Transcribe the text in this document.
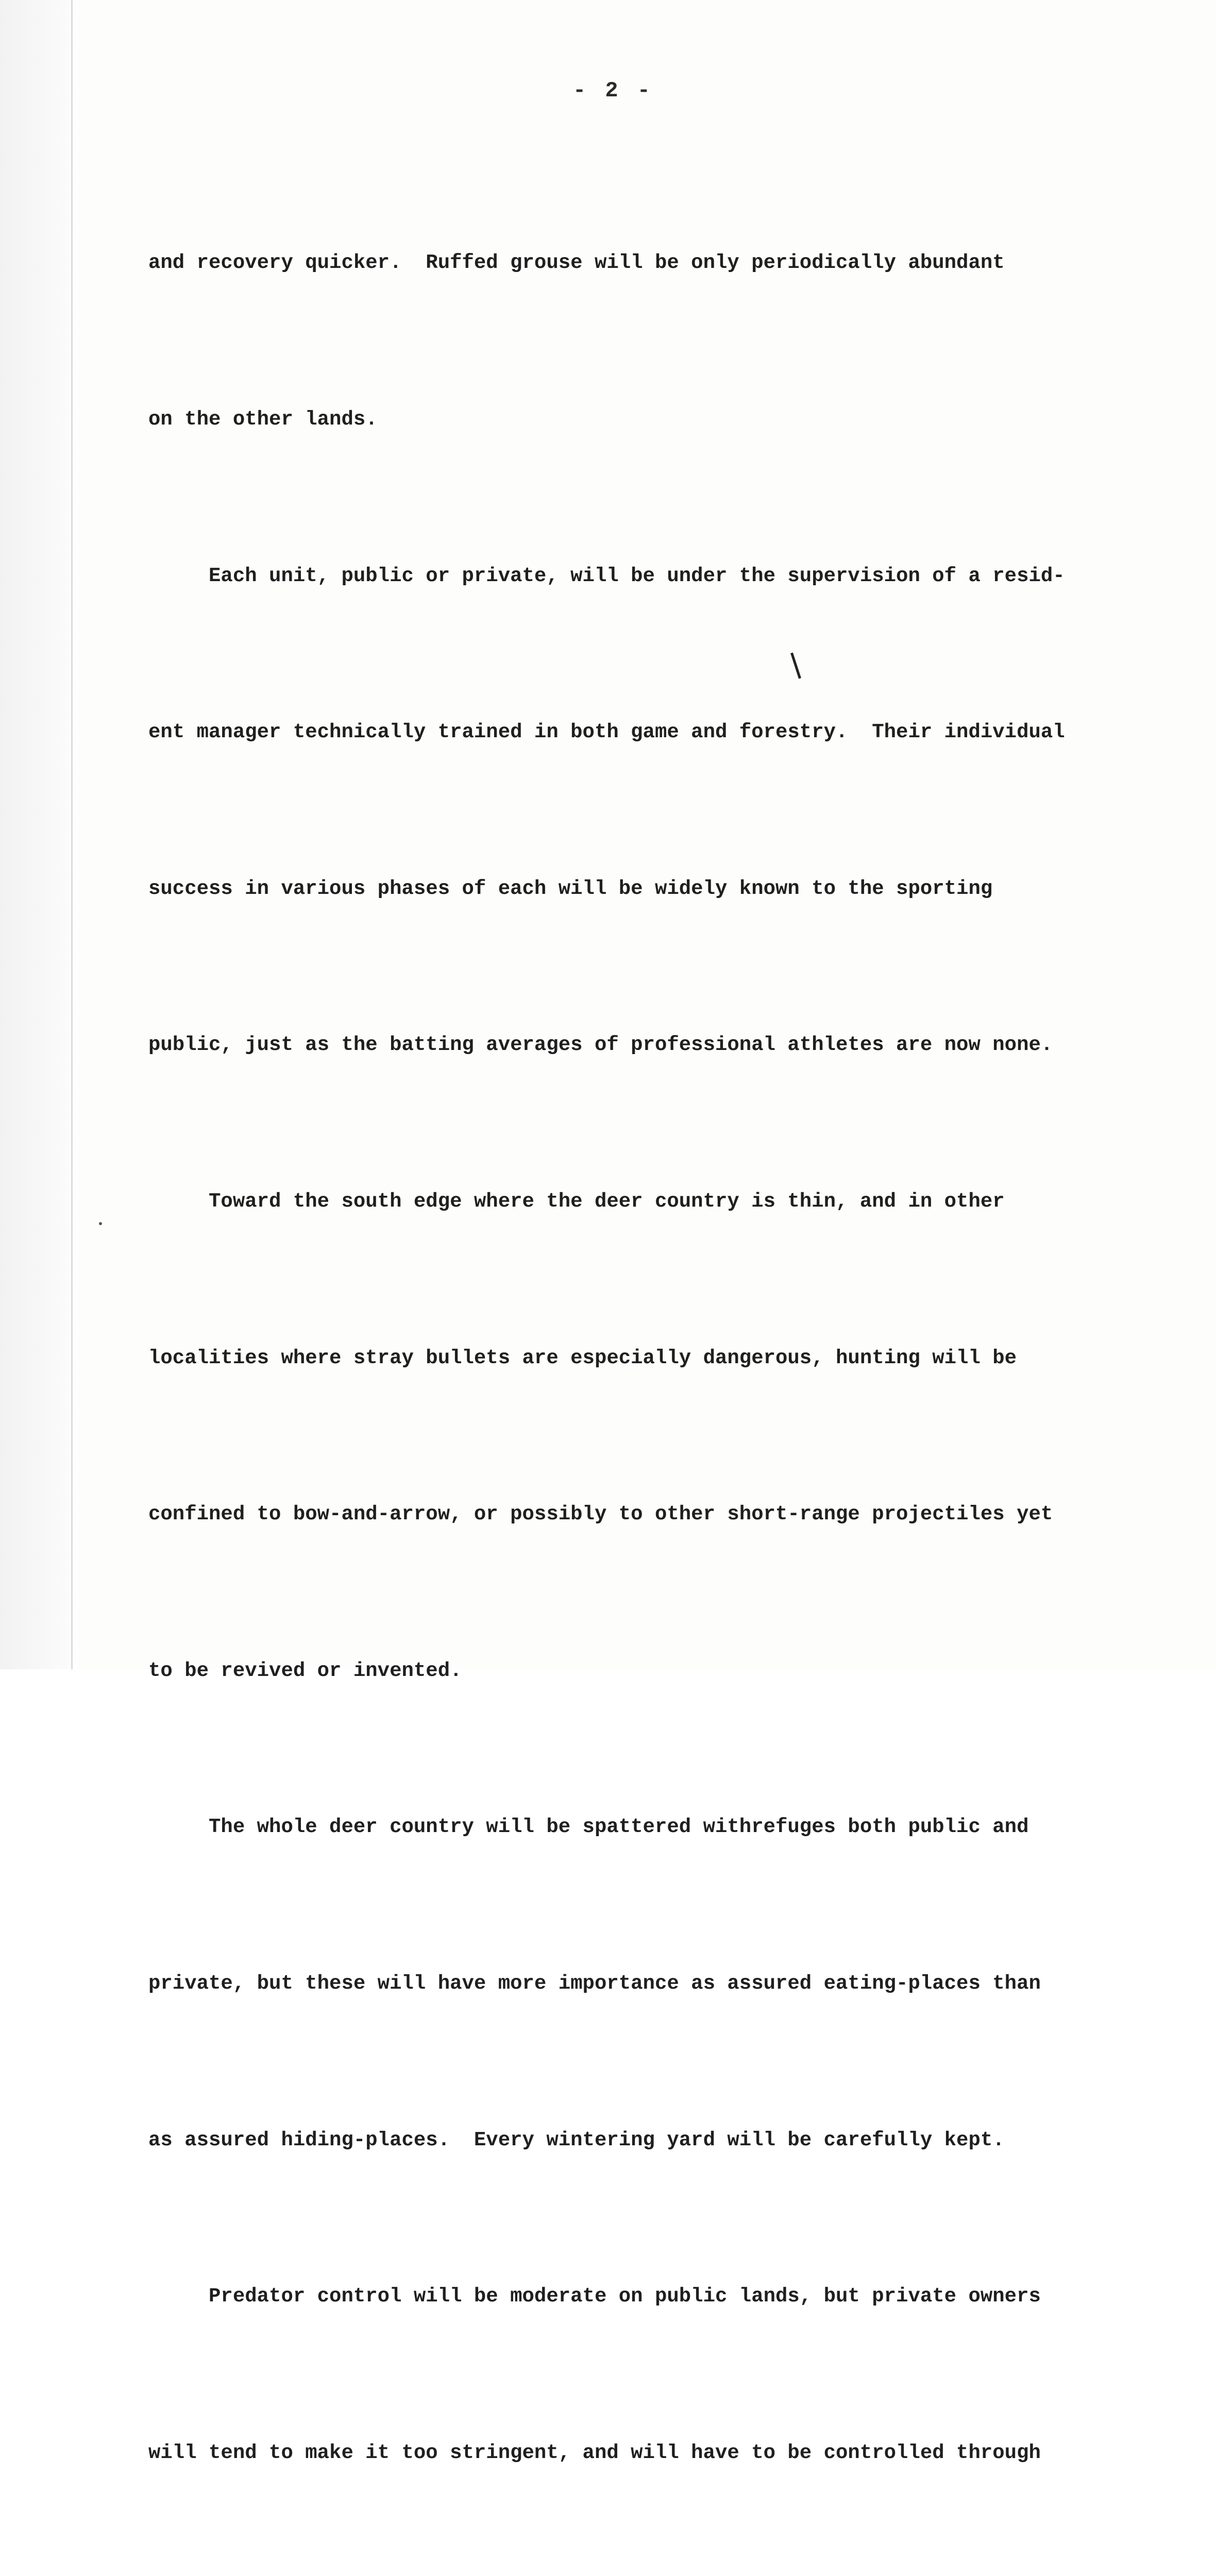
- 2 -

and recovery quicker.  Ruffed grouse will be only periodically abundant

on the other lands.

Each unit, public or private, will be under the supervision of a resid-

ent manager technically trained in both game and forestry.  Their individual

success in various phases of each will be widely known to the sporting

public, just as the batting averages of professional athletes are now none.

Toward the south edge where the deer country is thin, and in other

localities where stray bullets are especially dangerous, hunting will be

confined to bow-and-arrow, or possibly to other short-range projectiles yet

to be revived or invented.

The whole deer country will be spattered withrefuges both public and

private, but these will have more importance as assured eating-places than

as assured hiding-places.  Every wintering yard will be carefully kept.

Predator control will be moderate on public lands, but private owners

will tend to make it too stringent, and will have to be controlled through
